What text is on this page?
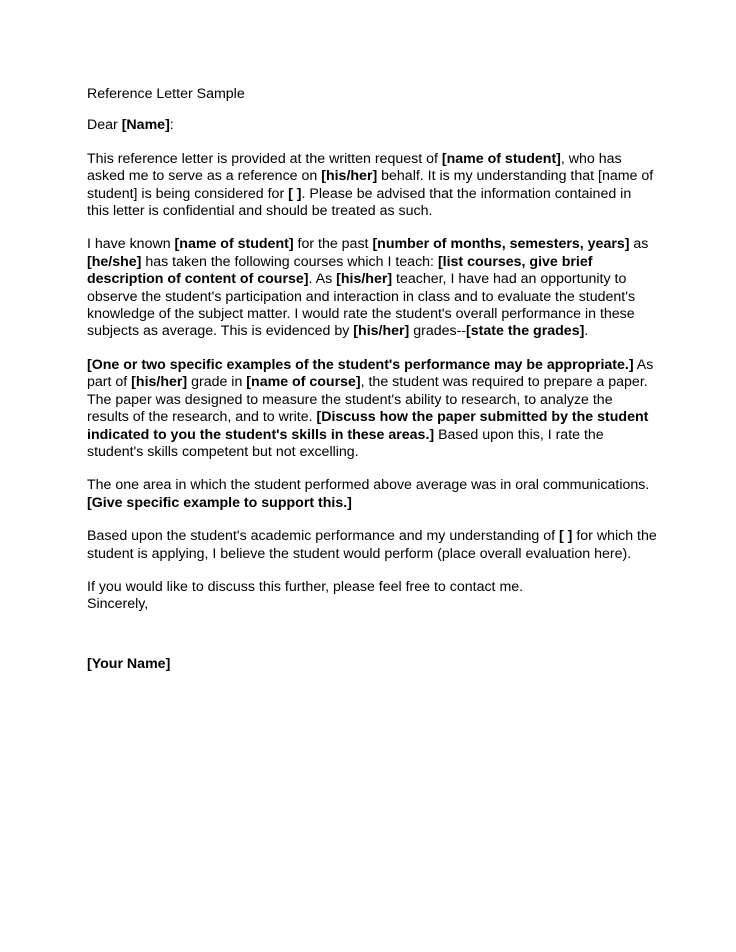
Reference Letter Sample
Dear [Name]:
This reference letter is provided at the written request of [name of student], who has asked me to serve as a reference on [his/her] behalf. It is my understanding that [name of student] is being considered for [ ]. Please be advised that the information contained in this letter is confidential and should be treated as such.
I have known [name of student] for the past [number of months, semesters, years] as [he/she] has taken the following courses which I teach: [list courses, give brief description of content of course]. As [his/her] teacher, I have had an opportunity to observe the student's participation and interaction in class and to evaluate the student's knowledge of the subject matter. I would rate the student's overall performance in these subjects as average. This is evidenced by [his/her] grades--[state the grades].
[One or two specific examples of the student's performance may be appropriate.] As part of [his/her] grade in [name of course], the student was required to prepare a paper. The paper was designed to measure the student's ability to research, to analyze the results of the research, and to write. [Discuss how the paper submitted by the student indicated to you the student's skills in these areas.] Based upon this, I rate the student's skills competent but not excelling.
The one area in which the student performed above average was in oral communications. [Give specific example to support this.]
Based upon the student's academic performance and my understanding of [ ] for which the student is applying, I believe the student would perform (place overall evaluation here).
If you would like to discuss this further, please feel free to contact me.
Sincerely,
[Your Name]
